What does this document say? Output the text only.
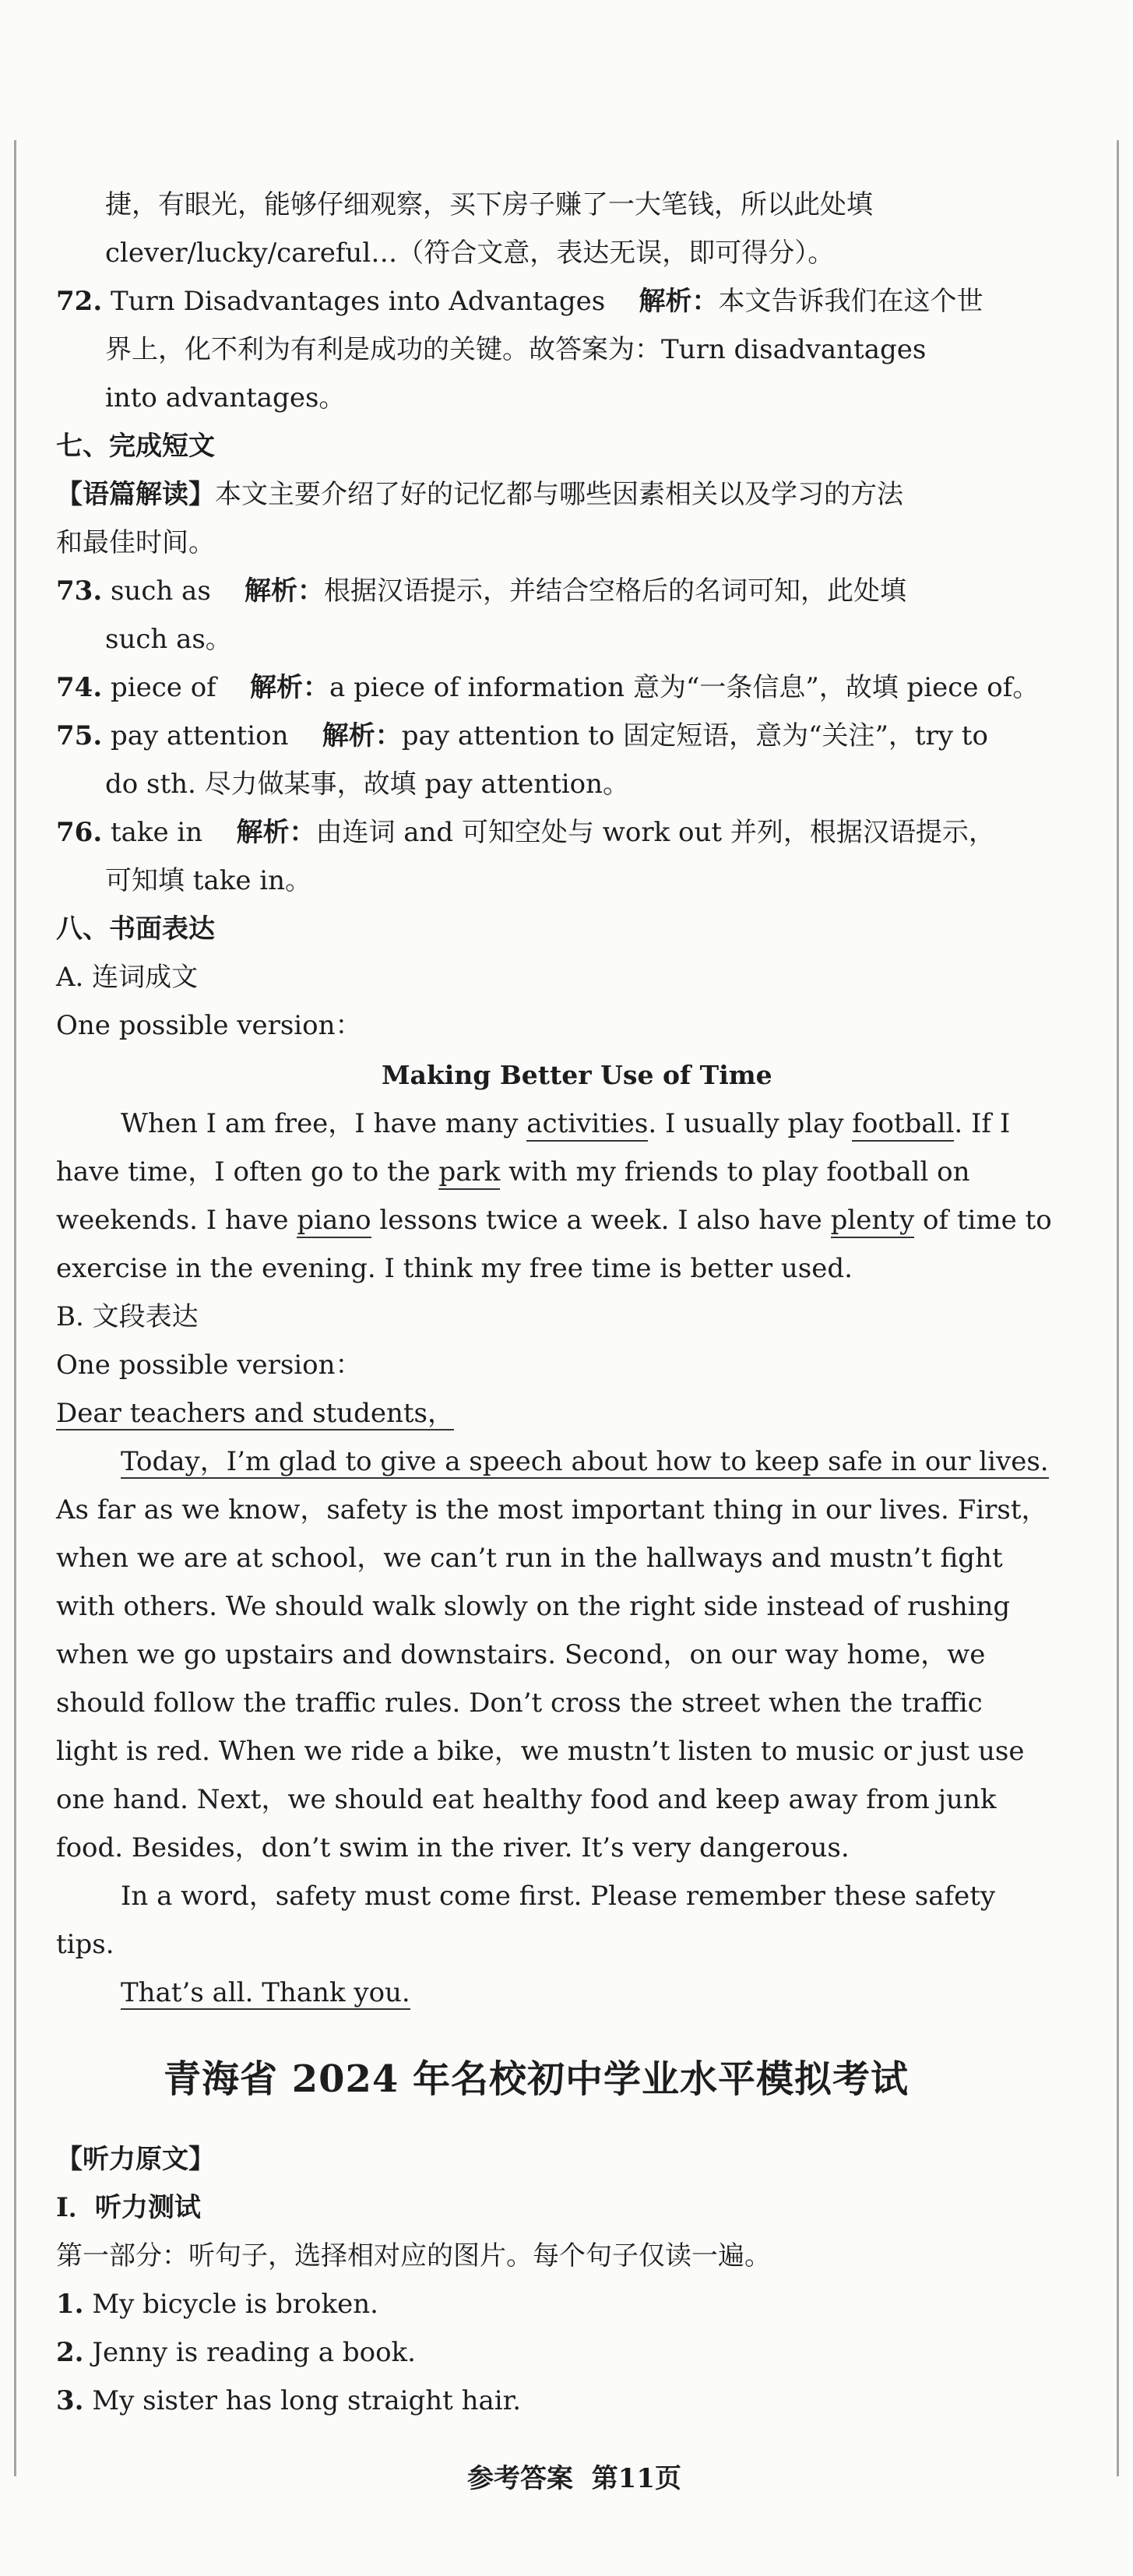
捷，有眼光，能够仔细观察，买下房子赚了一大笔钱，所以此处填
clever/lucky/careful…（符合文意，表达无误，即可得分）。
72. Turn Disadvantages into Advantages 解析：本文告诉我们在这个世
界上，化不利为有利是成功的关键。故答案为：Turn disadvantages
into advantages。
七、完成短文
【语篇解读】本文主要介绍了好的记忆都与哪些因素相关以及学习的方法
和最佳时间。
73. such as 解析：根据汉语提示，并结合空格后的名词可知，此处填
such as。
74. piece of 解析：a piece of information 意为“一条信息”，故填 piece of。
75. pay attention 解析：pay attention to 固定短语，意为“关注”，try to
do sth. 尽力做某事，故填 pay attention。
76. take in 解析：由连词 and 可知空处与 work out 并列，根据汉语提示，
可知填 take in。
八、书面表达
A. 连词成文
One possible version：
Making Better Use of Time
When I am free，I have many activities. I usually play football. If I
have time，I often go to the park with my friends to play football on
weekends. I have piano lessons twice a week. I also have plenty of time to
exercise in the evening. I think my free time is better used.
B. 文段表达
One possible version：
Dear teachers and students，
Today，I’m glad to give a speech about how to keep safe in our lives.
As far as we know，safety is the most important thing in our lives. First，
when we are at school，we can’t run in the hallways and mustn’t fight
with others. We should walk slowly on the right side instead of rushing
when we go upstairs and downstairs. Second，on our way home，we
should follow the traffic rules. Don’t cross the street when the traffic
light is red. When we ride a bike，we mustn’t listen to music or just use
one hand. Next，we should eat healthy food and keep away from junk
food. Besides，don’t swim in the river. It’s very dangerous.
In a word，safety must come first. Please remember these safety
tips.
That’s all. Thank you.
青海省 2024 年名校初中学业水平模拟考试
【听力原文】
Ⅰ．听力测试
第一部分：听句子，选择相对应的图片。每个句子仅读一遍。
1. My bicycle is broken.
2. Jenny is reading a book.
3. My sister has long straight hair.
参考答案 第11页
